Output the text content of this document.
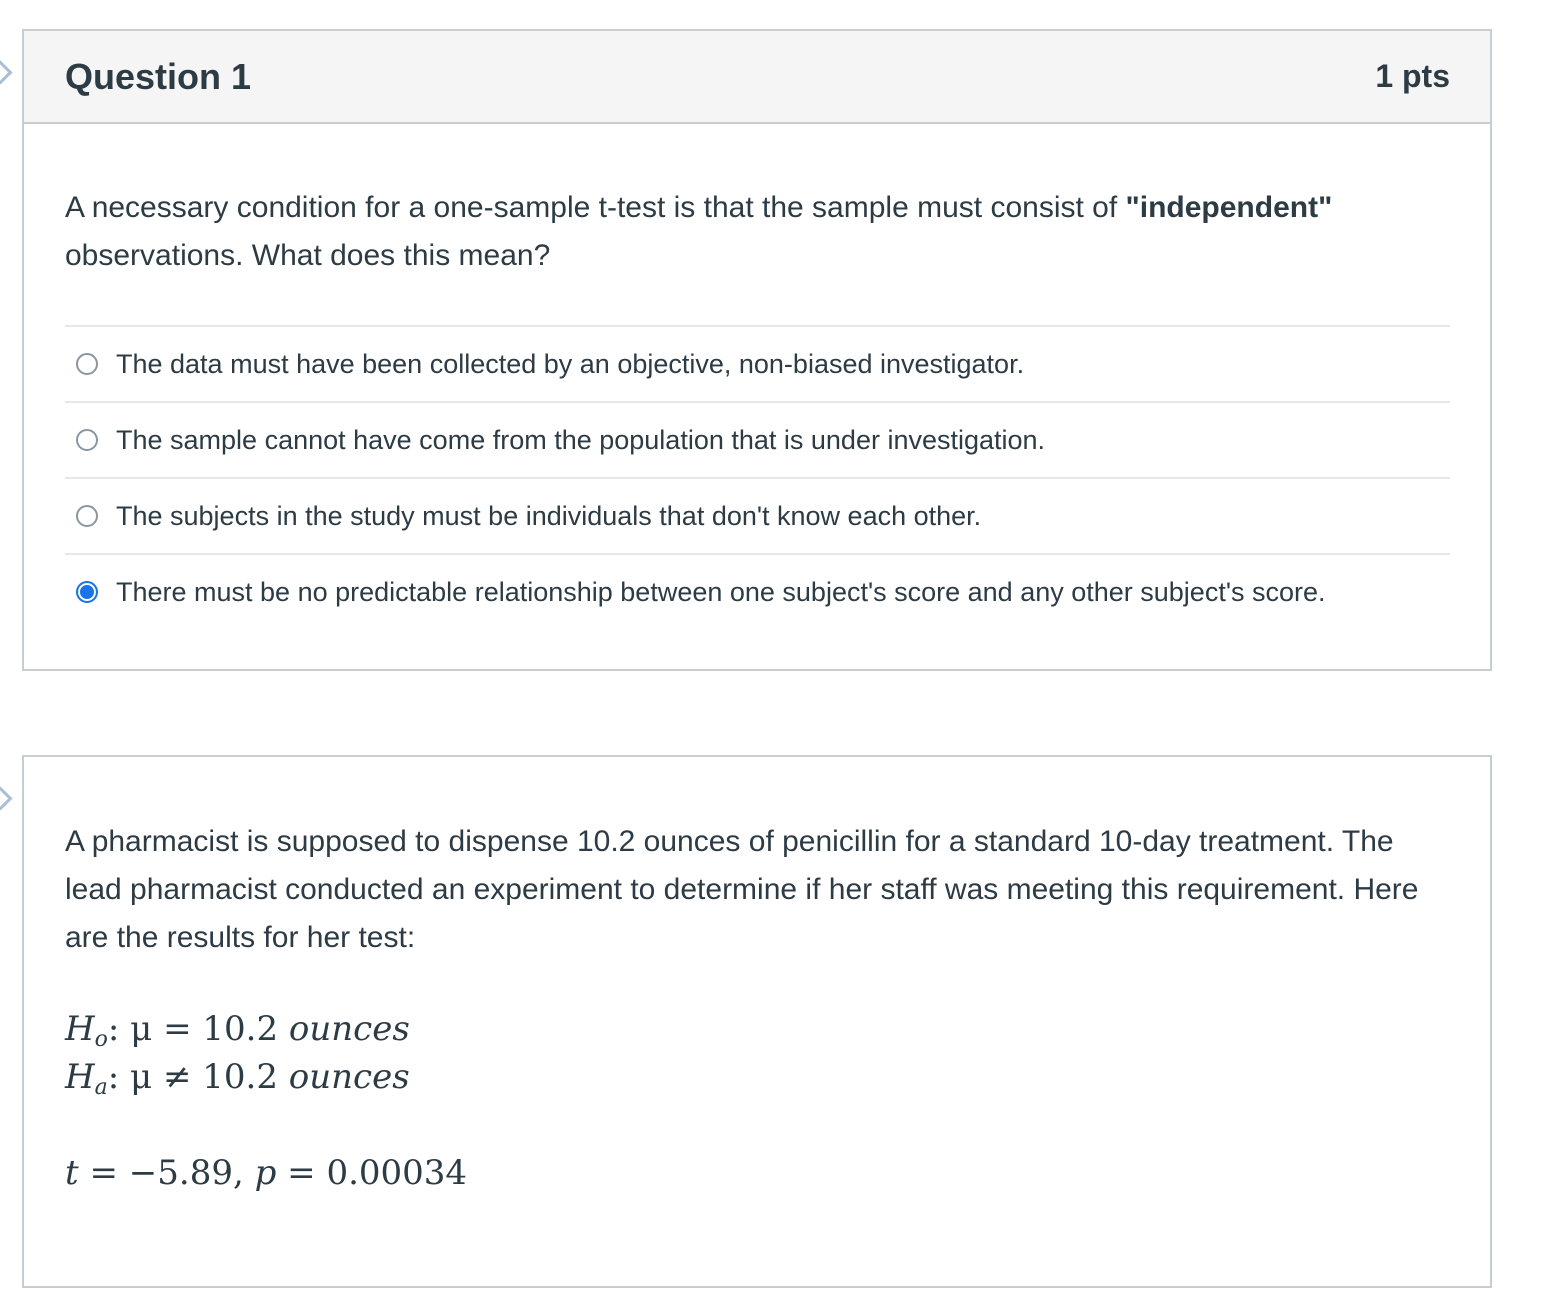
Question 1	1 pts
A necessary condition for a one-sample t-test is that the sample must consist of "independent" observations. What does this mean?
The data must have been collected by an objective, non-biased investigator.
The sample cannot have come from the population that is under investigation.
The subjects in the study must be individuals that don't know each other.
There must be no predictable relationship between one subject's score and any other subject's score.
A pharmacist is supposed to dispense 10.2 ounces of penicillin for a standard 10-day treatment. The lead pharmacist conducted an experiment to determine if her staff was meeting this requirement. Here are the results for her test:
$H_o$: μ = 10.2 ounces
$H_a$: μ ≠ 10.2 ounces
t = −5.89, p = 0.00034
